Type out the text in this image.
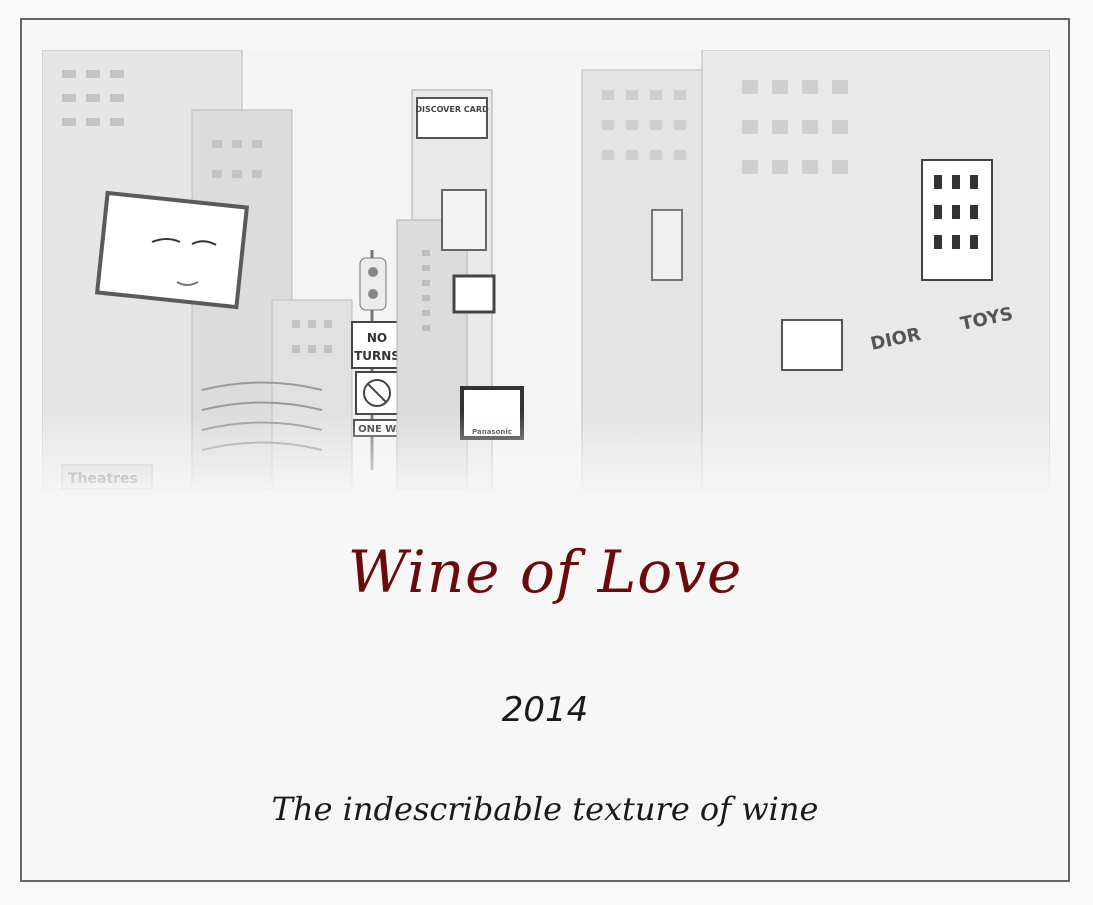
Wine of Love
2014
The indescribable texture of wine
